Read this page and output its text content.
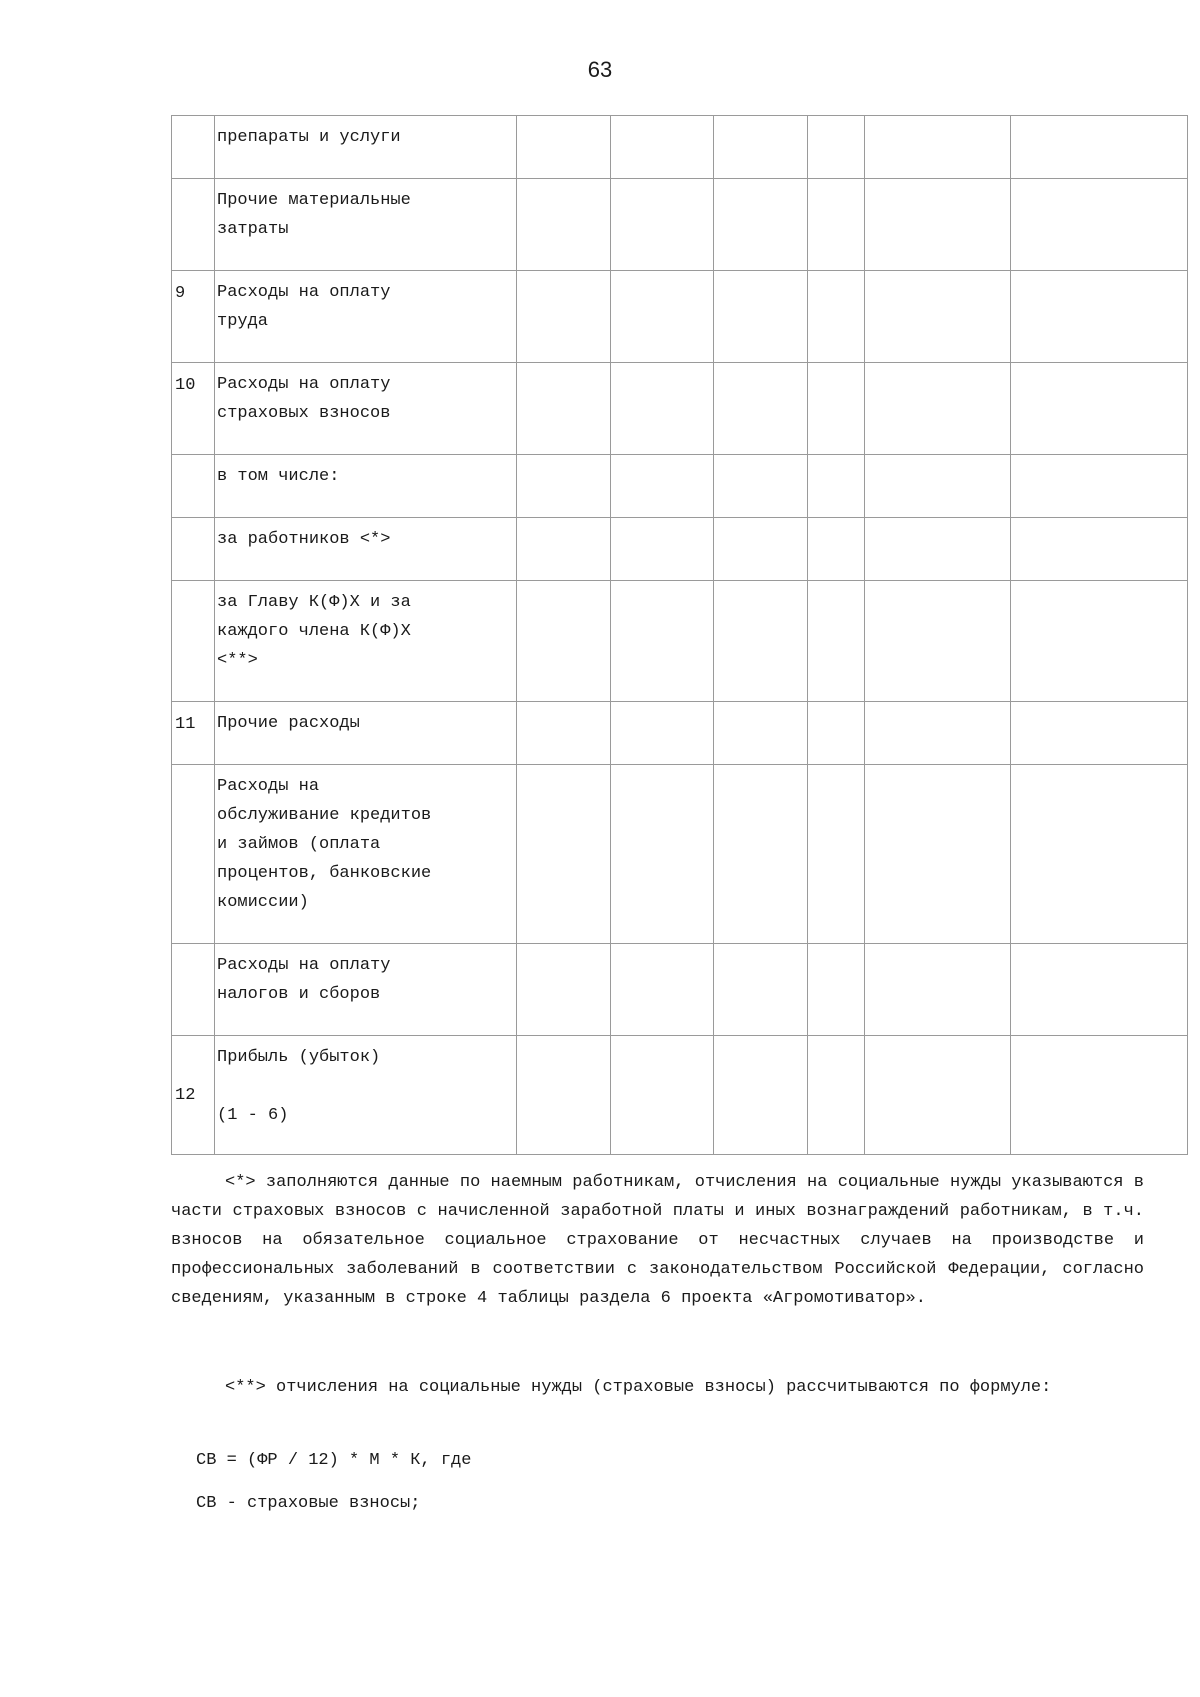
63

	препараты и услуги						

	Прочие материальные
затраты						

9	Расходы на оплату
труда						

10	Расходы на оплату
страховых взносов						

	в том числе:						

	за работников <*>						

	за Главу К(Ф)Х и за
каждого члена К(Ф)Х
<**>						

11	Прочие расходы						

	Расходы на
обслуживание кредитов
и займов (оплата
процентов, банковские
комиссии)						

	Расходы на оплату
налогов и сборов						

12	Прибыль (убыток)
(1 - 6)						

<*> заполняются данные по наемным работникам, отчисления на социальные нужды указываются в части страховых взносов с начисленной заработной платы и иных вознаграждений работникам, в т.ч. взносов на обязательное социальное страхование от несчастных случаев на производстве и профессиональных заболеваний в соответствии с законодательством Российской Федерации, согласно сведениям, указанным в строке 4 таблицы раздела 6 проекта «Агромотиватор».

<**> отчисления на социальные нужды (страховые взносы) рассчитываются по формуле:

СВ = (ФР / 12) * М * К, где
СВ - страховые взносы;
